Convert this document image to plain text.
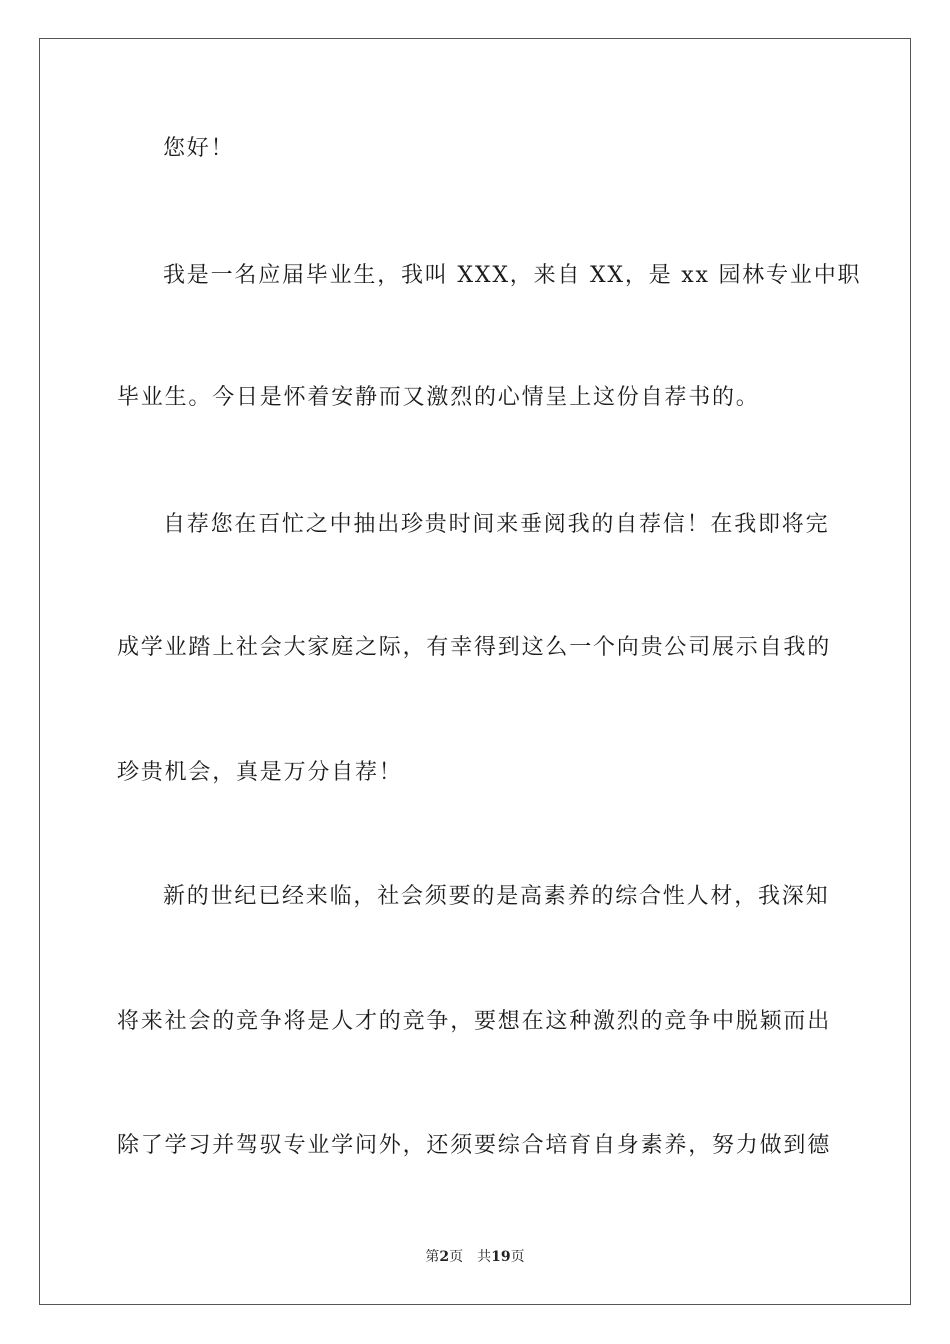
您好！
我是一名应届毕业生，我叫 XXX，来自 XX，是 xx 园林专业中职
毕业生。今日是怀着安静而又激烈的心情呈上这份自荐书的。
自荐您在百忙之中抽出珍贵时间来垂阅我的自荐信！在我即将完
成学业踏上社会大家庭之际，有幸得到这么一个向贵公司展示自我的
珍贵机会，真是万分自荐！
新的世纪已经来临，社会须要的是高素养的综合性人材，我深知
将来社会的竞争将是人才的竞争，要想在这种激烈的竞争中脱颖而出
除了学习并驾驭专业学问外，还须要综合培育自身素养，努力做到德
第2页 共19页
